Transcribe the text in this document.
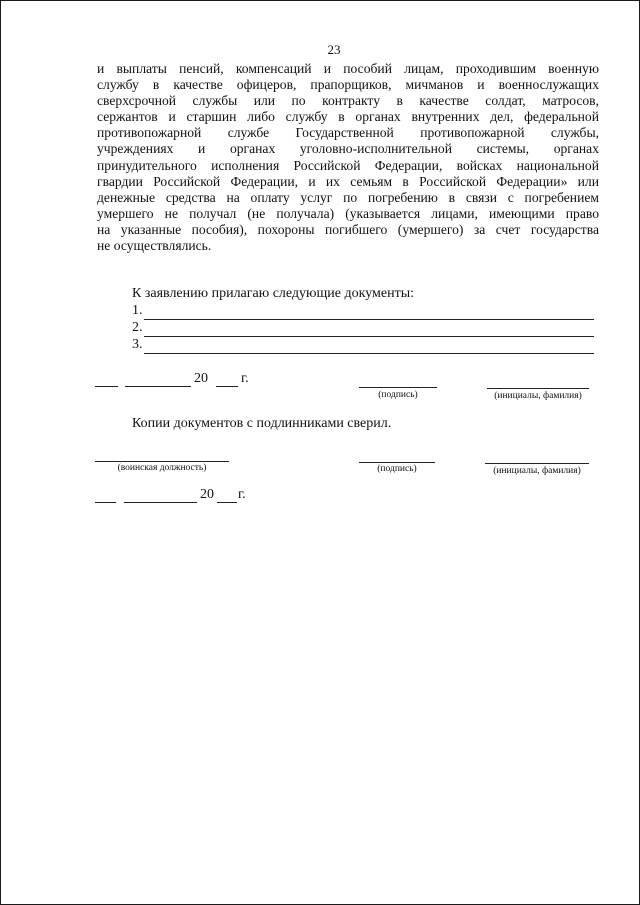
23
и выплаты пенсий, компенсаций и пособий лицам, проходившим военную
службу в качестве офицеров, прапорщиков, мичманов и военнослужащих
сверхсрочной службы или по контракту в качестве солдат, матросов,
сержантов и старшин либо службу в органах внутренних дел, федеральной
противопожарной службе Государственной противопожарной службы,
учреждениях и органах уголовно-исполнительной системы, органах
принудительного исполнения Российской Федерации, войсках национальной
гвардии Российской Федерации, и их семьям в Российской Федерации» или
денежные средства на оплату услуг по погребению в связи с погребением
умершего не получал (не получала) (указывается лицами, имеющими право
на указанные пособия), похороны погибшего (умершего) за счет государства
не осуществлялись.
К заявлению прилагаю следующие документы:
1.
2.
3.
20 г.
(подпись)	(инициалы, фамилия)
Копии документов с подлинниками сверил.
(воинская должность)	(подпись)	(инициалы, фамилия)
20 г.
